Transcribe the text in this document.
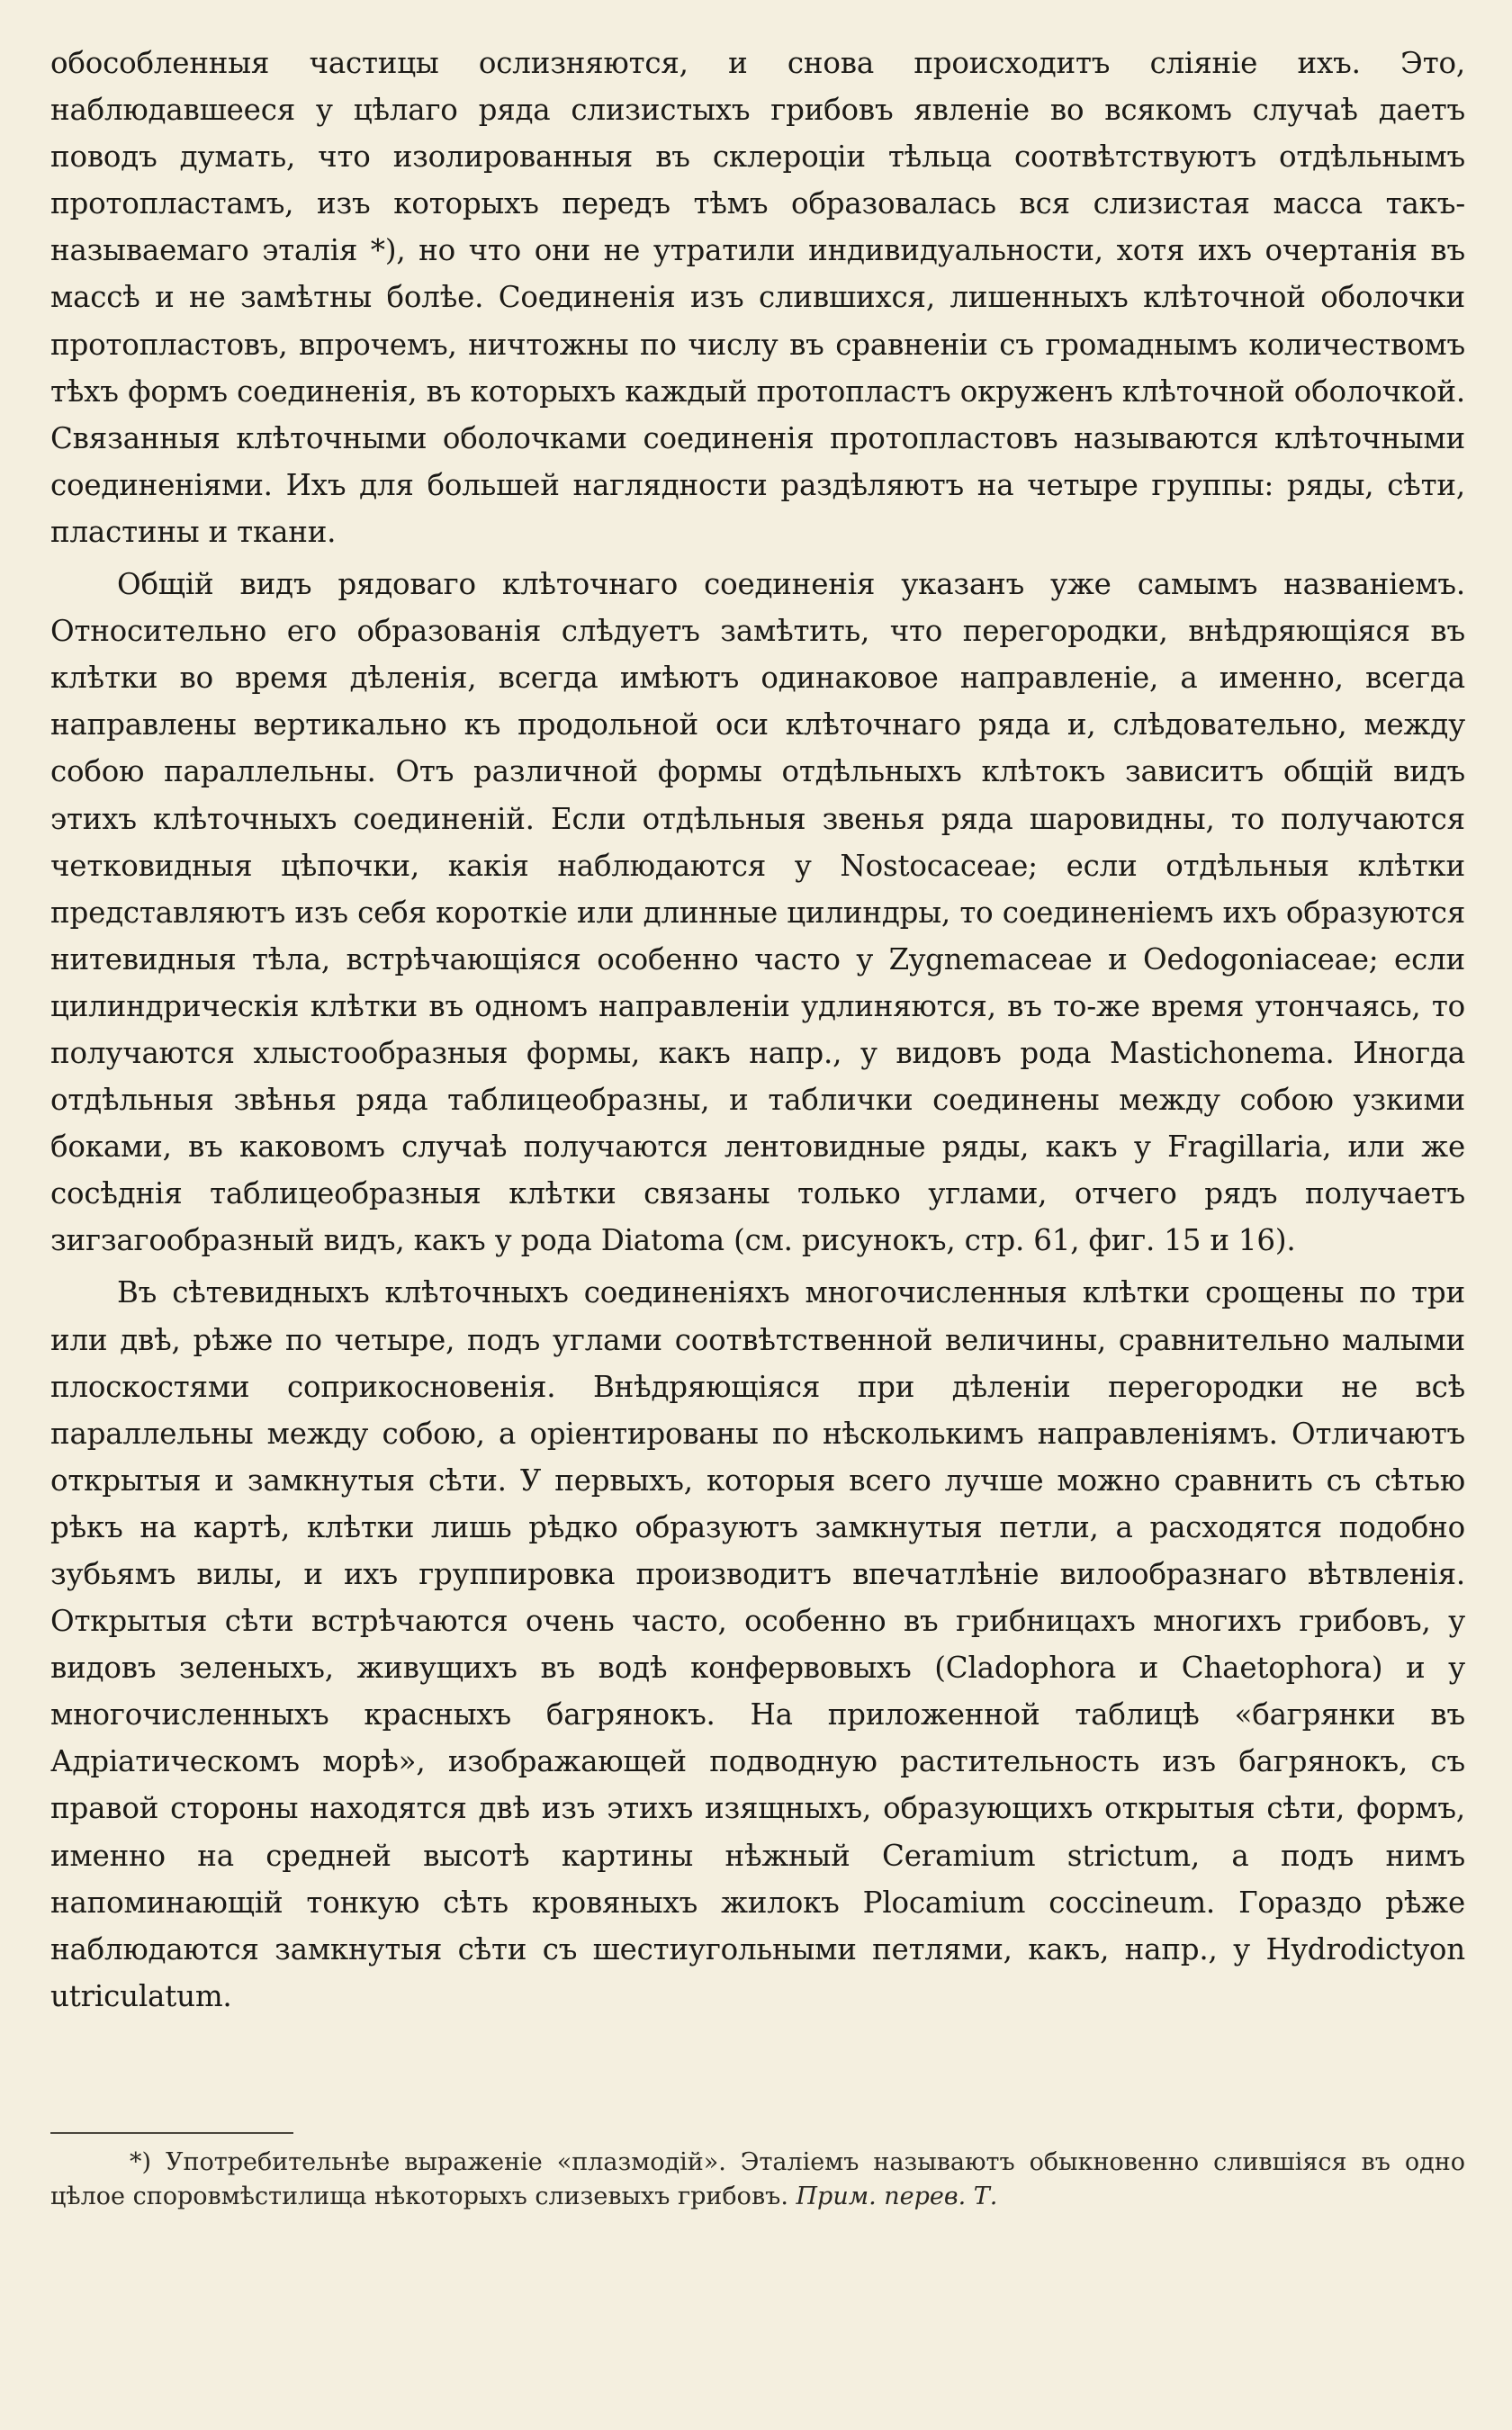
обособленныя частицы ослизняются, и снова происходитъ сліяніе ихъ. Это, наблюдавшееся у цѣлаго ряда слизистыхъ грибовъ явленіе во всякомъ случаѣ даетъ поводъ думать, что изолированныя въ склероціи тѣльца соотвѣтствуютъ отдѣльнымъ протопластамъ, изъ которыхъ передъ тѣмъ образовалась вся слизистая масса такъ-называемаго эталія *), но что они не утратили индивидуальности, хотя ихъ очертанія въ массѣ и не замѣтны болѣе. Соединенія изъ слившихся, лишенныхъ клѣточной оболочки протопластовъ, впрочемъ, ничтожны по числу въ сравненіи съ громаднымъ количествомъ тѣхъ формъ соединенія, въ которыхъ каждый протопластъ окруженъ клѣточной оболочкой. Связанныя клѣточными оболочками соединенія протопластовъ называются клѣточными соединеніями. Ихъ для большей наглядности раздѣляютъ на четыре группы: ряды, сѣти, пластины и ткани.

Общій видъ рядоваго клѣточнаго соединенія указанъ уже самымъ названіемъ. Относительно его образованія слѣдуетъ замѣтить, что перегородки, внѣдряющіяся въ клѣтки во время дѣленія, всегда имѣютъ одинаковое направленіе, а именно, всегда направлены вертикально къ продольной оси клѣточнаго ряда и, слѣдовательно, между собою параллельны. Отъ различной формы отдѣльныхъ клѣтокъ зависитъ общій видъ этихъ клѣточныхъ соединеній. Если отдѣльныя звенья ряда шаровидны, то получаются четковидныя цѣпочки, какія наблюдаются у Nostocaceae; если отдѣльныя клѣтки представляютъ изъ себя короткіе или длинные цилиндры, то соединеніемъ ихъ образуются нитевидныя тѣла, встрѣчающіяся особенно часто у Zygnemaceae и Oedogoniaceae; если цилиндрическія клѣтки въ одномъ направленіи удлиняются, въ то-же время утончаясь, то получаются хлыстообразныя формы, какъ напр., у видовъ рода Mastichonema. Иногда отдѣльныя звѣнья ряда таблицеобразны, и таблички соединены между собою узкими боками, въ каковомъ случаѣ получаются лентовидные ряды, какъ у Fragillaria, или же сосѣднія таблицеобразныя клѣтки связаны только углами, отчего рядъ получаетъ зигзагообразный видъ, какъ у рода Diatoma (см. рисунокъ, стр. 61, фиг. 15 и 16).

Въ сѣтевидныхъ клѣточныхъ соединеніяхъ многочисленныя клѣтки срощены по три или двѣ, рѣже по четыре, подъ углами соотвѣтственной величины, сравнительно малыми плоскостями соприкосновенія. Внѣдряющіяся при дѣленіи перегородки не всѣ параллельны между собою, а оріентированы по нѣсколькимъ направленіямъ. Отличаютъ открытыя и замкнутыя сѣти. У первыхъ, которыя всего лучше можно сравнить съ сѣтью рѣкъ на картѣ, клѣтки лишь рѣдко образуютъ замкнутыя петли, а расходятся подобно зубьямъ вилы, и ихъ группировка производитъ впечатлѣніе вилообразнаго вѣтвленія. Открытыя сѣти встрѣчаются очень часто, особенно въ грибницахъ многихъ грибовъ, у видовъ зеленыхъ, живущихъ въ водѣ конфервовыхъ (Cladophora и Chaetophora) и у многочисленныхъ красныхъ багрянокъ. На приложенной таблицѣ «багрянки въ Адріатическомъ морѣ», изображающей подводную растительность изъ багрянокъ, съ правой стороны находятся двѣ изъ этихъ изящныхъ, образующихъ открытыя сѣти, формъ, именно на средней высотѣ картины нѣжный Ceramium strictum, а подъ нимъ напоминающій тонкую сѣть кровяныхъ жилокъ Plocamium coccineum. Гораздо рѣже наблюдаются замкнутыя сѣти съ шестиугольными петлями, какъ, напр., у Hydrodictyon utriculatum.

*) Употребительнѣе выраженіе «плазмодій». Эталіемъ называютъ обыкновенно слившіяся въ одно цѣлое споровмѣстилища нѣкоторыхъ слизевыхъ грибовъ. Прим. перев. Т.
